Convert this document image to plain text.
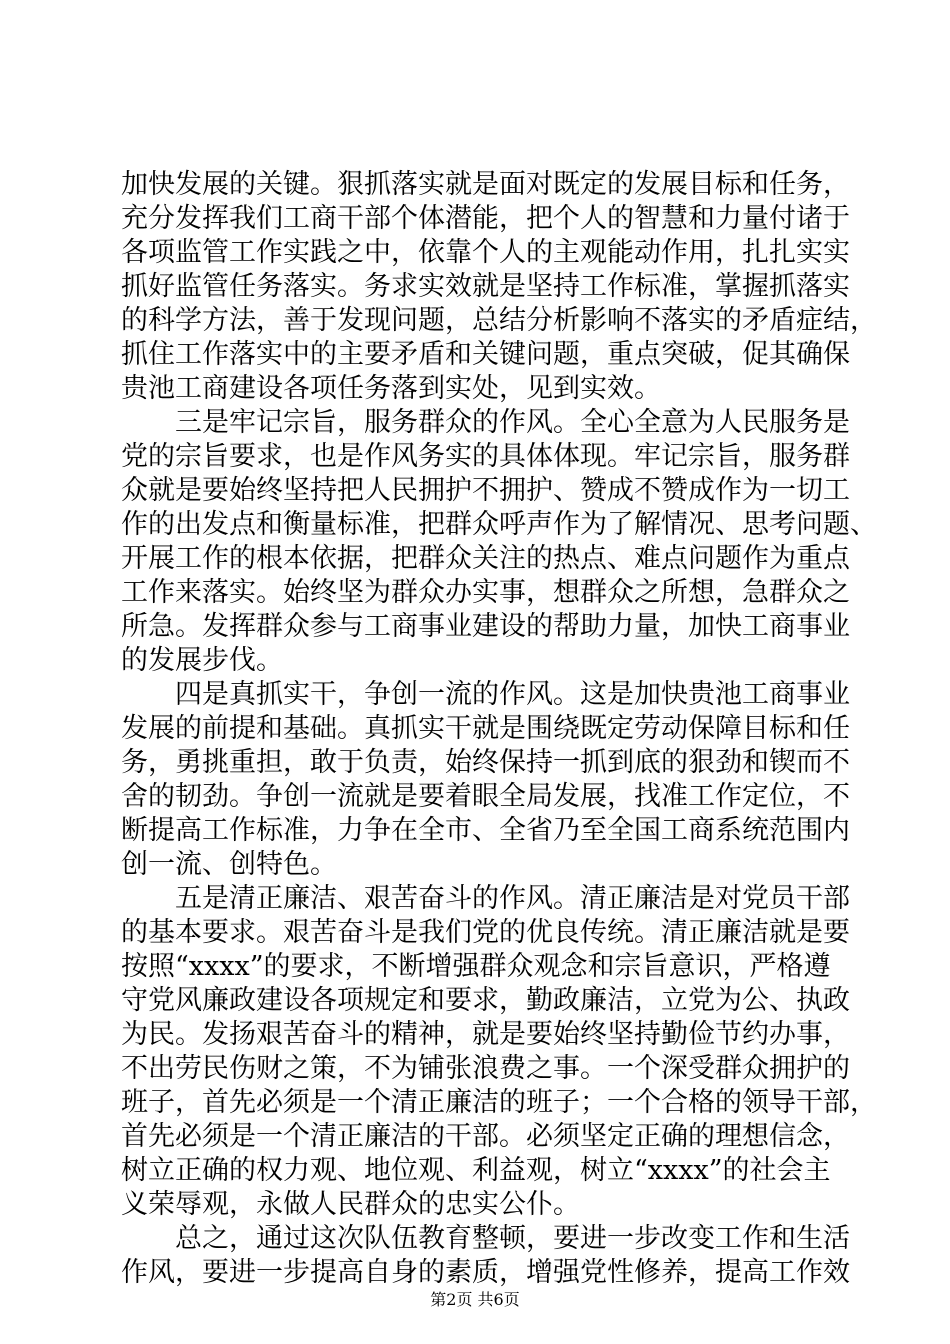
加快发展的关键。狠抓落实就是面对既定的发展目标和任务，
充分发挥我们工商干部个体潜能，把个人的智慧和力量付诸于
各项监管工作实践之中，依靠个人的主观能动作用，扎扎实实
抓好监管任务落实。务求实效就是坚持工作标准，掌握抓落实
的科学方法，善于发现问题，总结分析影响不落实的矛盾症结，
抓住工作落实中的主要矛盾和关键问题，重点突破，促其确保
贵池工商建设各项任务落到实处，见到实效。
三是牢记宗旨，服务群众的作风。全心全意为人民服务是
党的宗旨要求，也是作风务实的具体体现。牢记宗旨，服务群
众就是要始终坚持把人民拥护不拥护、赞成不赞成作为一切工
作的出发点和衡量标准，把群众呼声作为了解情况、思考问题、
开展工作的根本依据，把群众关注的热点、难点问题作为重点
工作来落实。始终坚为群众办实事，想群众之所想，急群众之
所急。发挥群众参与工商事业建设的帮助力量，加快工商事业
的发展步伐。
四是真抓实干，争创一流的作风。这是加快贵池工商事业
发展的前提和基础。真抓实干就是围绕既定劳动保障目标和任
务，勇挑重担，敢于负责，始终保持一抓到底的狠劲和锲而不
舍的韧劲。争创一流就是要着眼全局发展，找准工作定位，不
断提高工作标准，力争在全市、全省乃至全国工商系统范围内
创一流、创特色。
五是清正廉洁、艰苦奋斗的作风。清正廉洁是对党员干部
的基本要求。艰苦奋斗是我们党的优良传统。清正廉洁就是要
按照“xxxx”的要求，不断增强群众观念和宗旨意识，严格遵
守党风廉政建设各项规定和要求，勤政廉洁，立党为公、执政
为民。发扬艰苦奋斗的精神，就是要始终坚持勤俭节约办事，
不出劳民伤财之策，不为铺张浪费之事。一个深受群众拥护的
班子，首先必须是一个清正廉洁的班子；一个合格的领导干部，
首先必须是一个清正廉洁的干部。必须坚定正确的理想信念，
树立正确的权力观、地位观、利益观，树立“xxxx”的社会主
义荣辱观，永做人民群众的忠实公仆。
总之，通过这次队伍教育整顿，要进一步改变工作和生活
作风，要进一步提高自身的素质，增强党性修养，提高工作效
第2页 共6页
